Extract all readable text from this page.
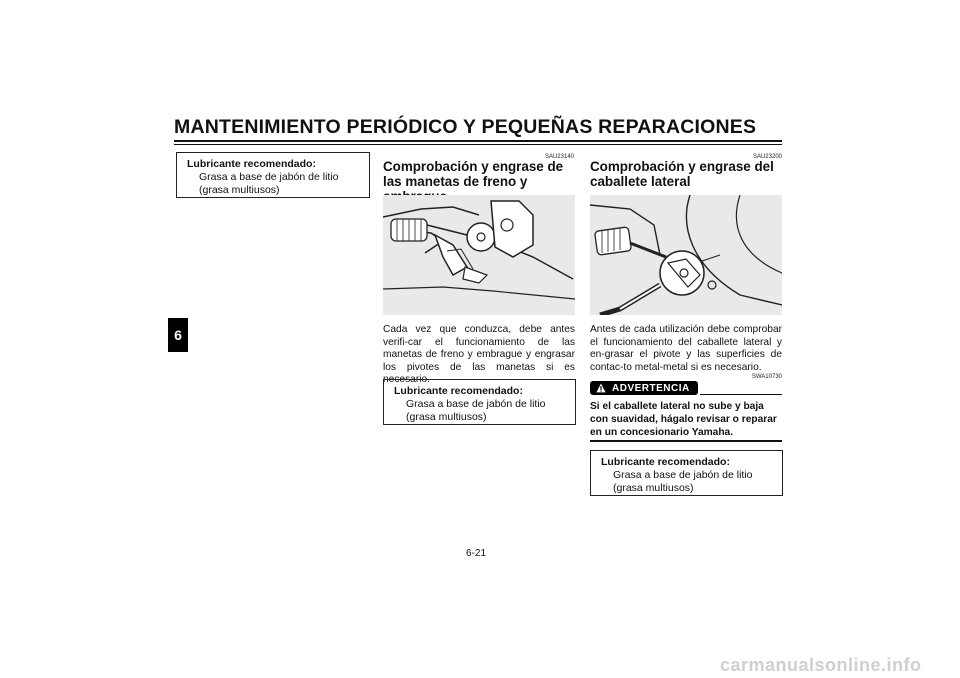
MANTENIMIENTO PERIÓDICO Y PEQUEÑAS REPARACIONES
6
Lubricante recomendado:
Grasa a base de jabón de litio (grasa multiusos)
SAU23140
Comprobación y engrase de las manetas de freno y
Cada vez que conduzca, debe antes verifi-car el funcionamiento de las manetas de freno y embrague y engrasar los pivotes de las manetas si es necesario.
Lubricante recomendado:
Grasa a base de jabón de litio (grasa multiusos)
SAU23200
Comprobación y engrase del caballete lateral
Antes de cada utilización debe comprobar el funcionamiento del caballete lateral y en-grasar el pivote y las superficies de contac-to metal-metal si es necesario.
ADVERTENCIA
SWA10730
Si el caballete lateral no sube y baja con suavidad, hágalo revisar o reparar en un concesionario Yamaha.
Lubricante recomendado:
Grasa a base de jabón de litio (grasa multiusos)
6-21
carmanualsonline.info
